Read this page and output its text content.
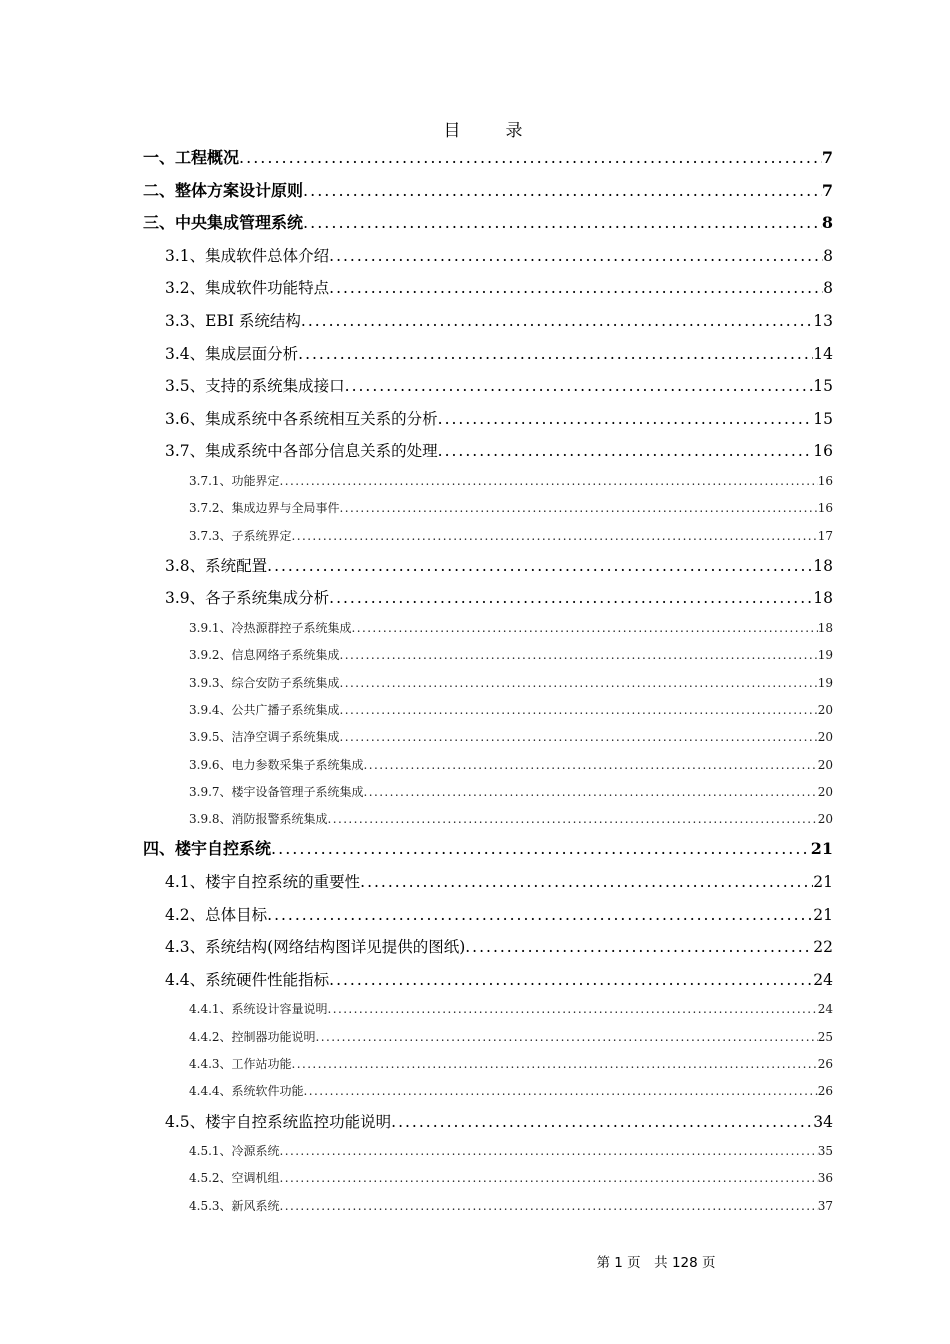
目　录
一、工程概况 .....	7
二、整体方案设计原则 .....	7
三、中央集成管理系统 .....	8
3.1、集成软件总体介绍 .....	8
3.2、集成软件功能特点 .....	8
3.3、EBI 系统结构 .....	13
3.4、集成层面分析 .....	14
3.5、支持的系统集成接口 .....	15
3.6、集成系统中各系统相互关系的分析 .....	15
3.7、集成系统中各部分信息关系的处理 .....	16
3.7.1、功能界定 .....	16
3.7.2、集成边界与全局事件 .....	16
3.7.3、子系统界定 .....	17
3.8、系统配置 .....	18
3.9、各子系统集成分析 .....	18
3.9.1、冷热源群控子系统集成 .....	18
3.9.2、信息网络子系统集成 .....	19
3.9.3、综合安防子系统集成 .....	19
3.9.4、公共广播子系统集成 .....	20
3.9.5、洁净空调子系统集成 .....	20
3.9.6、电力参数采集子系统集成 .....	20
3.9.7、楼宇设备管理子系统集成 .....	20
3.9.8、消防报警系统集成 .....	20
四、楼宇自控系统 .....	21
4.1、楼宇自控系统的重要性 .....	21
4.2、总体目标 .....	21
4.3、系统结构(网络结构图详见提供的图纸) .....	22
4.4、系统硬件性能指标 .....	24
4.4.1、系统设计容量说明 .....	24
4.4.2、控制器功能说明 .....	25
4.4.3、工作站功能 .....	26
4.4.4、系统软件功能 .....	26
4.5、楼宇自控系统监控功能说明 .....	34
4.5.1、冷源系统 .....	35
4.5.2、空调机组 .....	36
4.5.3、新风系统 .....	37
第 1 页　共 128 页
